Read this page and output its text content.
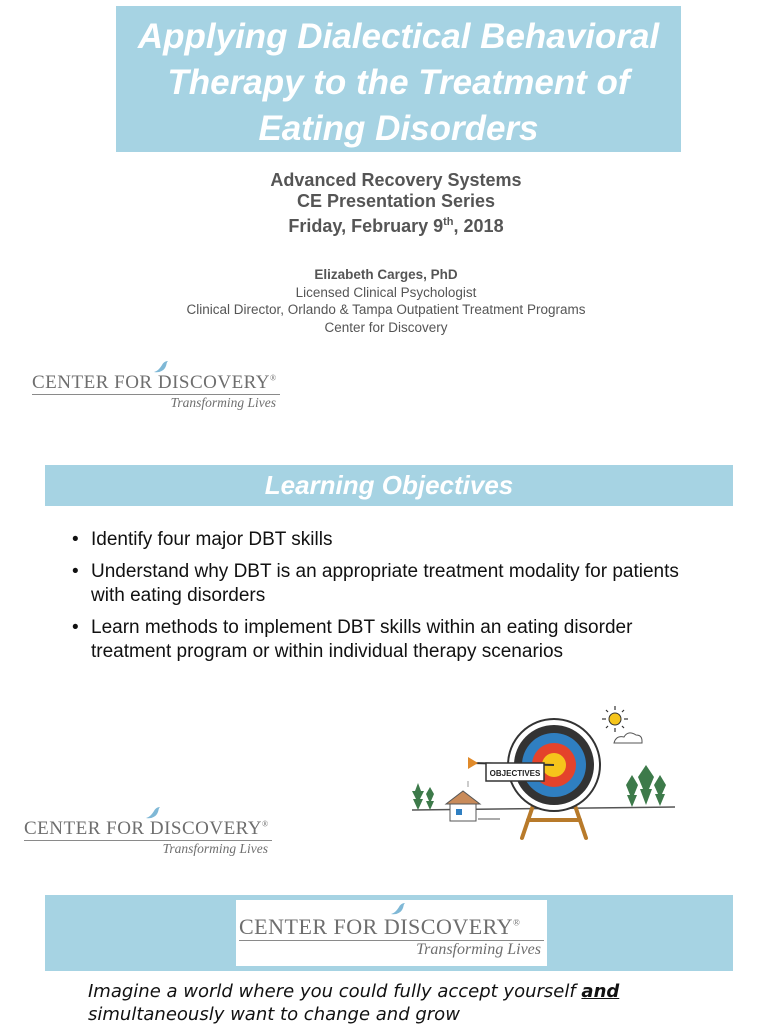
Applying Dialectical Behavioral Therapy to the Treatment of Eating Disorders
Advanced Recovery Systems
CE Presentation Series
Friday, February 9th, 2018
Elizabeth Carges, PhD
Licensed Clinical Psychologist
Clinical Director, Orlando & Tampa Outpatient Treatment Programs
Center for Discovery
CENTER FOR DISCOVERY®
Transforming Lives
Learning Objectives
• Identify four major DBT skills
• Understand why DBT is an appropriate treatment modality for patients with eating disorders
• Learn methods to implement DBT skills within an eating disorder treatment program or within individual therapy scenarios
OBJECTIVES
CENTER FOR DISCOVERY®
Transforming Lives
CENTER FOR DISCOVERY®
Transforming Lives
Imagine a world where you could fully accept yourself and
simultaneously want to change and grow
